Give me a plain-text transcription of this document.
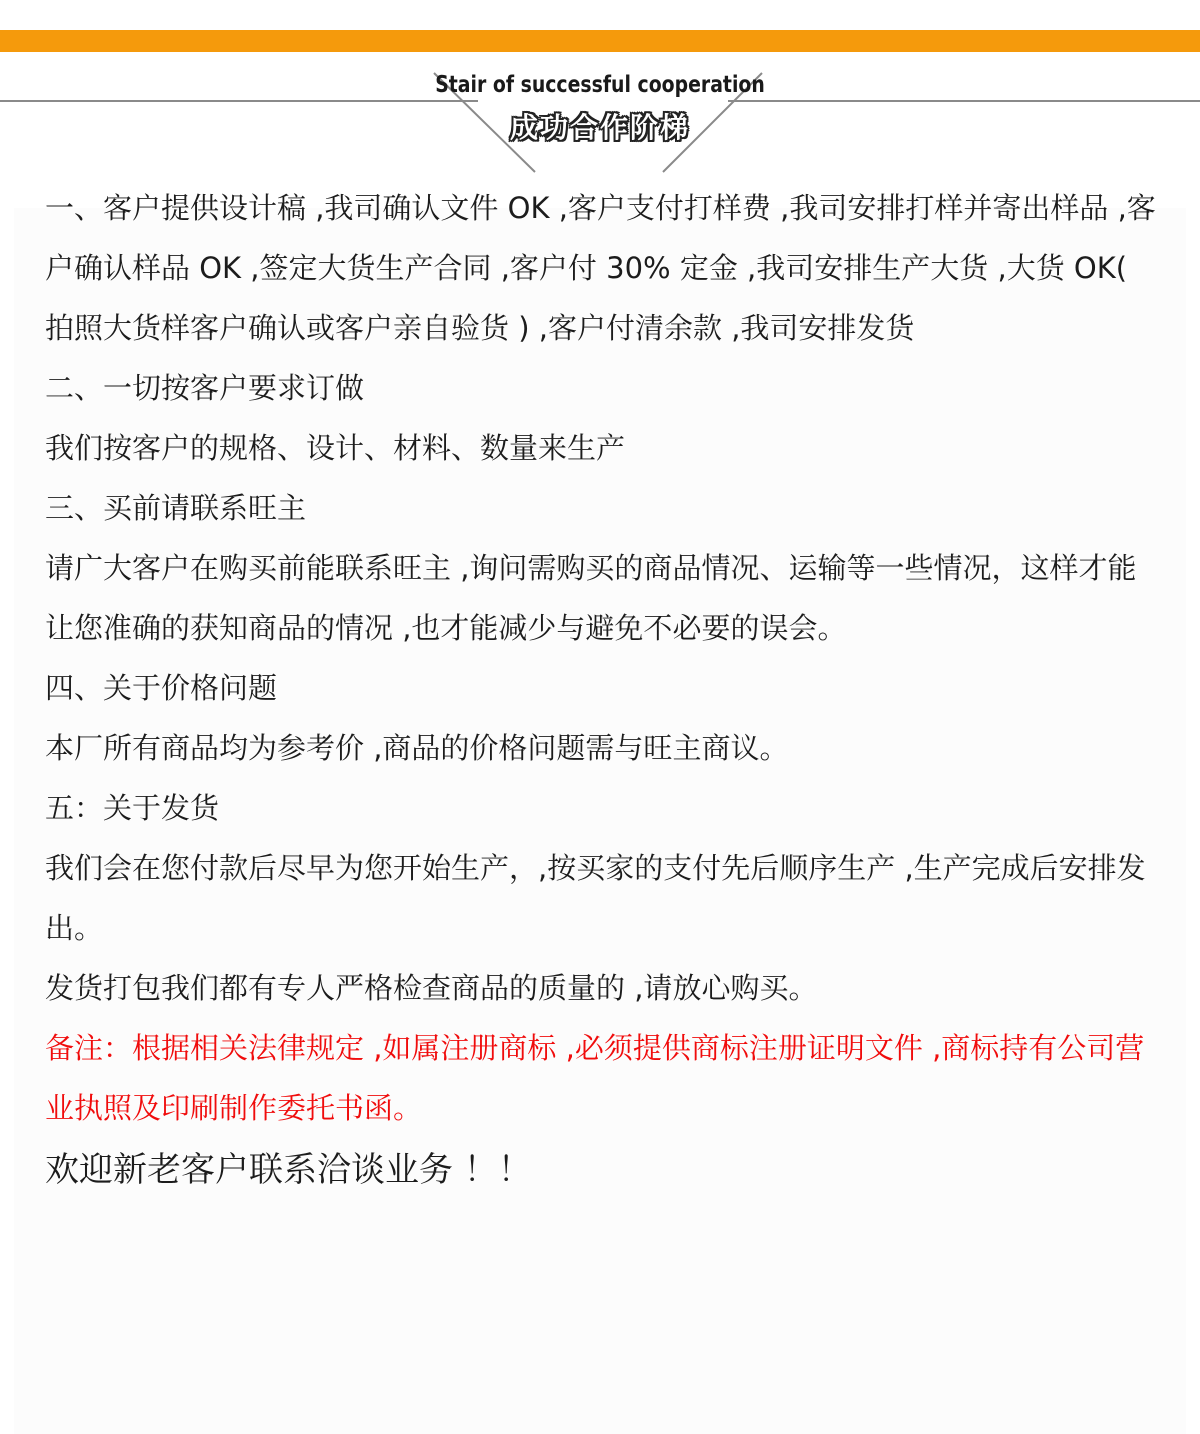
Stair of successful cooperation
成功合作阶梯

一、客户提供设计稿 ,我司确认文件 OK ,客户支付打样费 ,我司安排打样并寄出样品 ,客户确认样品 OK ,签定大货生产合同 ,客户付 30% 定金 ,我司安排生产大货 ,大货 OK( 拍照大货样客户确认或客户亲自验货 ) ,客户付清余款 ,我司安排发货

二、一切按客户要求订做

我们按客户的规格、设计、材料、数量来生产

三、买前请联系旺主

请广大客户在购买前能联系旺主 ,询问需购买的商品情况、运输等一些情况，这样才能让您准确的获知商品的情况 ,也才能减少与避免不必要的误会。

四、关于价格问题

本厂所有商品均为参考价 ,商品的价格问题需与旺主商议。

五：关于发货

我们会在您付款后尽早为您开始生产，,按买家的支付先后顺序生产 ,生产完成后安排发出。

发货打包我们都有专人严格检查商品的质量的 ,请放心购买。

备注：根据相关法律规定 ,如属注册商标 ,必须提供商标注册证明文件 ,商标持有公司营业执照及印刷制作委托书函。

欢迎新老客户联系洽谈业务 ！！
